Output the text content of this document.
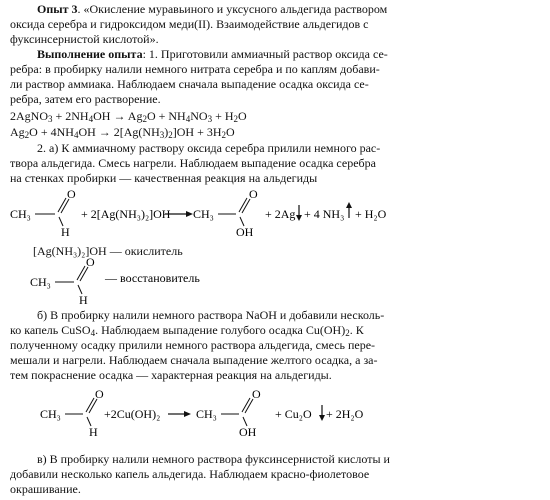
Опыт 3. «Окисление муравьиного и уксусного альдегида раствором
оксида серебра и гидроксидом меди(II). Взаимодействие альдегидов с
фуксинсернистой кислотой».
Выполнение опыта: 1. Приготовили аммиачный раствор оксида се-
ребра: в пробирку налили немного нитрата серебра и по каплям добави-
ли раствор аммиака. Наблюдаем сначала выпадение осадка оксида се-
ребра, затем его растворение.
2AgNO$_3$ + $2NH_4OH \to Ag_2O + NH_4NO_3 + H_2O$
$Ag_2O + 4NH_4OH \to 2[Ag(NH_3)_2]OH + 3H_2O$
2. а) К аммиачному раствору оксида серебра прилили немного рас-
твора альдегида. Смесь нагрели. Наблюдаем выпадение осадка серебра
на стенках пробирки — качественная реакция на альдегиды
CH₃
O
H
+ 2[Ag(NH₃)₂]OH CH₃
O
OH
+ 2Ag + 4 NH₃ + H₂O
[Ag(NH₃)₂]OH — окислитель
CH₃
O
H
— восстановитель
б) В пробирку налили немного раствора NaOH и добавили несколь-
ко капель CuSO$_4$. Наблюдаем выпадение голубого осадка $Cu(OH)_2$. К
полученному осадку прилили немного раствора альдегида, смесь пере-
мешали и нагрели. Наблюдаем сначала выпадение желтого осадка, а за-
тем покраснение осадка — характерная реакция на альдегиды.
CH₃
O
H
+2Cu(OH)₂	CH₃
O
OH
+ Cu₂O + 2H₂O
в) В пробирку налили немного раствора фуксинсернистой кислоты и
добавили несколько капель альдегида. Наблюдаем красно-фиолетовое
окрашивание.
